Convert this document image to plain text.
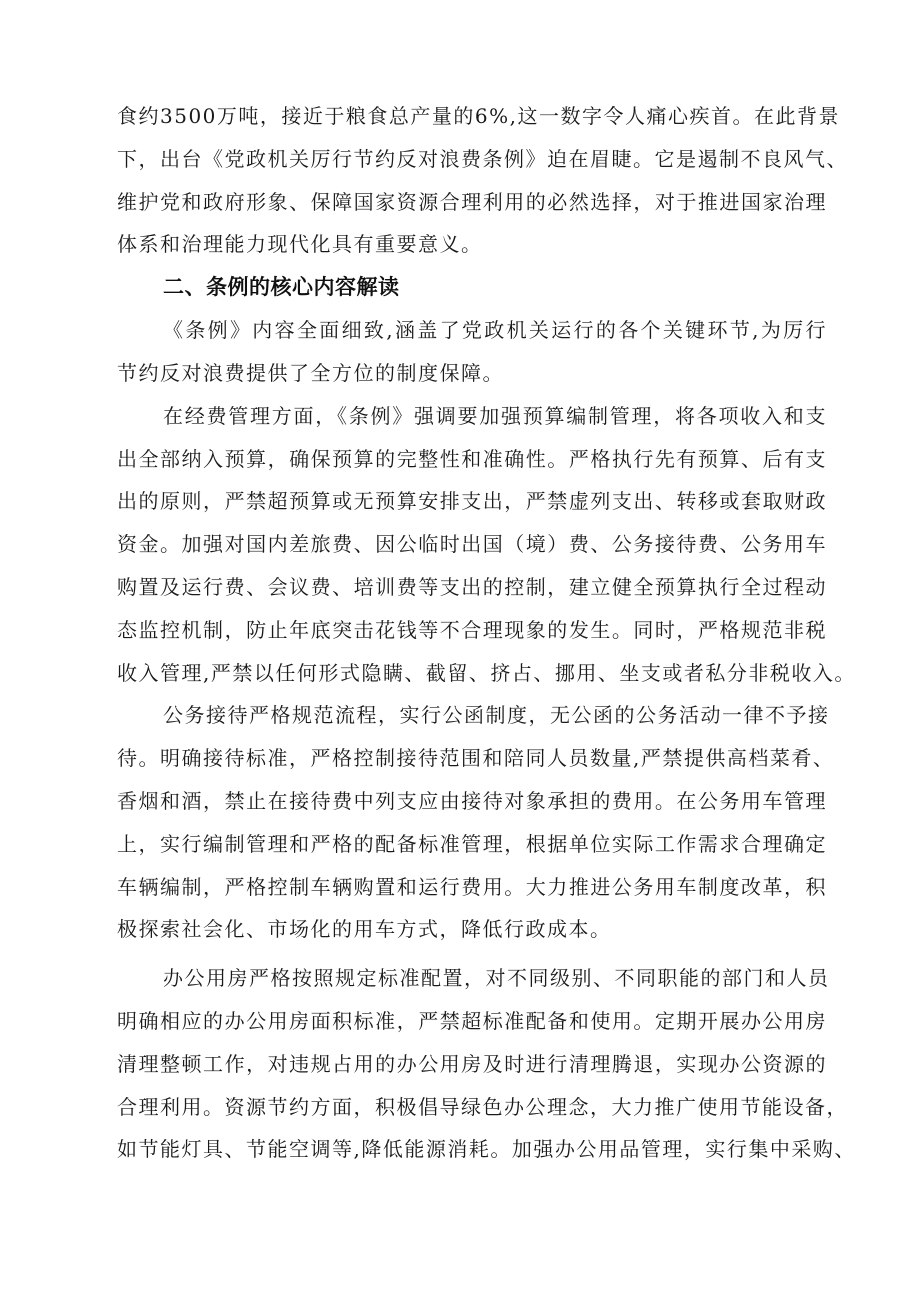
食约3500万吨，接近于粮食总产量的6%,这一数字令人痛心疾首。在此背景
下，出台《党政机关厉行节约反对浪费条例》迫在眉睫。它是遏制不良风气、
维护党和政府形象、保障国家资源合理利用的必然选择，对于推进国家治理
体系和治理能力现代化具有重要意义。
二、条例的核心内容解读
《条例》内容全面细致,涵盖了党政机关运行的各个关键环节,为厉行
节约反对浪费提供了全方位的制度保障。
在经费管理方面，《条例》强调要加强预算编制管理，将各项收入和支
出全部纳入预算，确保预算的完整性和准确性。严格执行先有预算、后有支
出的原则，严禁超预算或无预算安排支出，严禁虚列支出、转移或套取财政
资金。加强对国内差旅费、因公临时出国（境）费、公务接待费、公务用车
购置及运行费、会议费、培训费等支出的控制，建立健全预算执行全过程动
态监控机制，防止年底突击花钱等不合理现象的发生。同时，严格规范非税
收入管理,严禁以任何形式隐瞒、截留、挤占、挪用、坐支或者私分非税收入。
公务接待严格规范流程，实行公函制度，无公函的公务活动一律不予接
待。明确接待标准，严格控制接待范围和陪同人员数量,严禁提供高档菜肴、
香烟和酒，禁止在接待费中列支应由接待对象承担的费用。在公务用车管理
上，实行编制管理和严格的配备标准管理，根据单位实际工作需求合理确定
车辆编制，严格控制车辆购置和运行费用。大力推进公务用车制度改革，积
极探索社会化、市场化的用车方式，降低行政成本。
办公用房严格按照规定标准配置，对不同级别、不同职能的部门和人员
明确相应的办公用房面积标准，严禁超标准配备和使用。定期开展办公用房
清理整顿工作，对违规占用的办公用房及时进行清理腾退，实现办公资源的
合理利用。资源节约方面，积极倡导绿色办公理念，大力推广使用节能设备，
如节能灯具、节能空调等,降低能源消耗。加强办公用品管理，实行集中采购、
